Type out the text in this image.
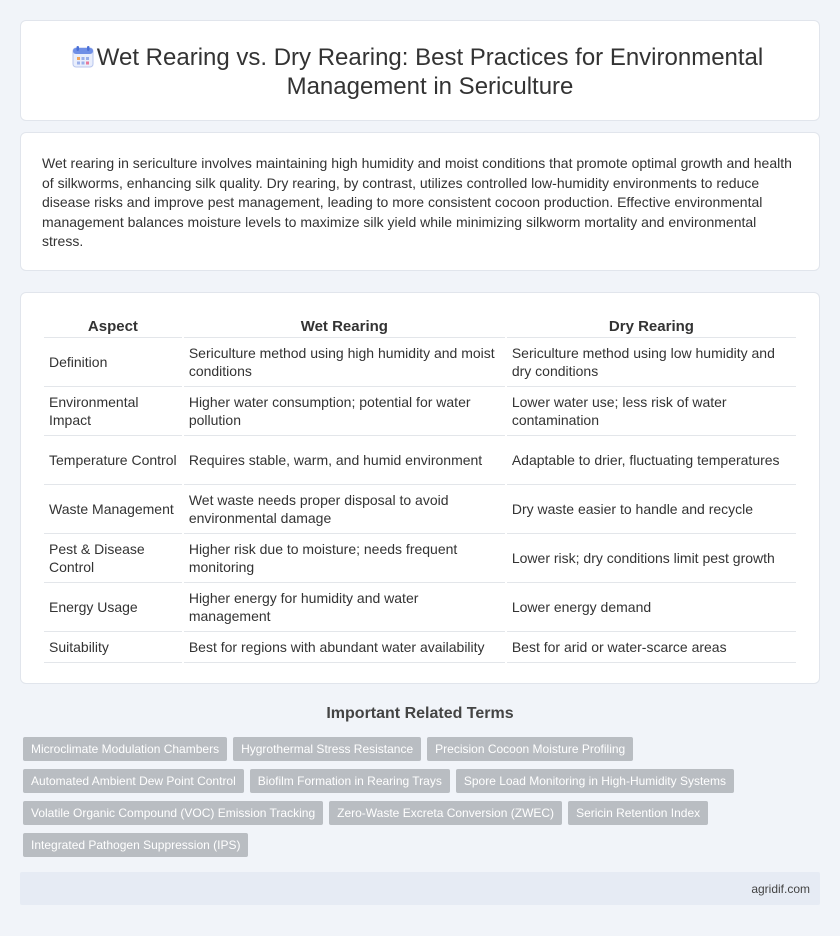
Wet Rearing vs. Dry Rearing: Best Practices for Environmental Management in Sericulture

Wet rearing in sericulture involves maintaining high humidity and moist conditions that promote optimal growth and health of silkworms, enhancing silk quality. Dry rearing, by contrast, utilizes controlled low-humidity environments to reduce disease risks and improve pest management, leading to more consistent cocoon production. Effective environmental management balances moisture levels to maximize silk yield while minimizing silkworm mortality and environmental stress.

Aspect	Wet Rearing	Dry Rearing
Definition	Sericulture method using high humidity and moist conditions	Sericulture method using low humidity and dry conditions
Environmental Impact	Higher water consumption; potential for water pollution	Lower water use; less risk of water contamination
Temperature Control	Requires stable, warm, and humid environment	Adaptable to drier, fluctuating temperatures
Waste Management	Wet waste needs proper disposal to avoid environmental damage	Dry waste easier to handle and recycle
Pest & Disease Control	Higher risk due to moisture; needs frequent monitoring	Lower risk; dry conditions limit pest growth
Energy Usage	Higher energy for humidity and water management	Lower energy demand
Suitability	Best for regions with abundant water availability	Best for arid or water-scarce areas
Important Related Terms
Microclimate Modulation Chambers	Hygrothermal Stress Resistance	Precision Cocoon Moisture Profiling
Automated Ambient Dew Point Control	Biofilm Formation in Rearing Trays	Spore Load Monitoring in High-Humidity Systems
Volatile Organic Compound (VOC) Emission Tracking	Zero-Waste Excreta Conversion (ZWEC)	Sericin Retention Index
Integrated Pathogen Suppression (IPS)
agridif.com
